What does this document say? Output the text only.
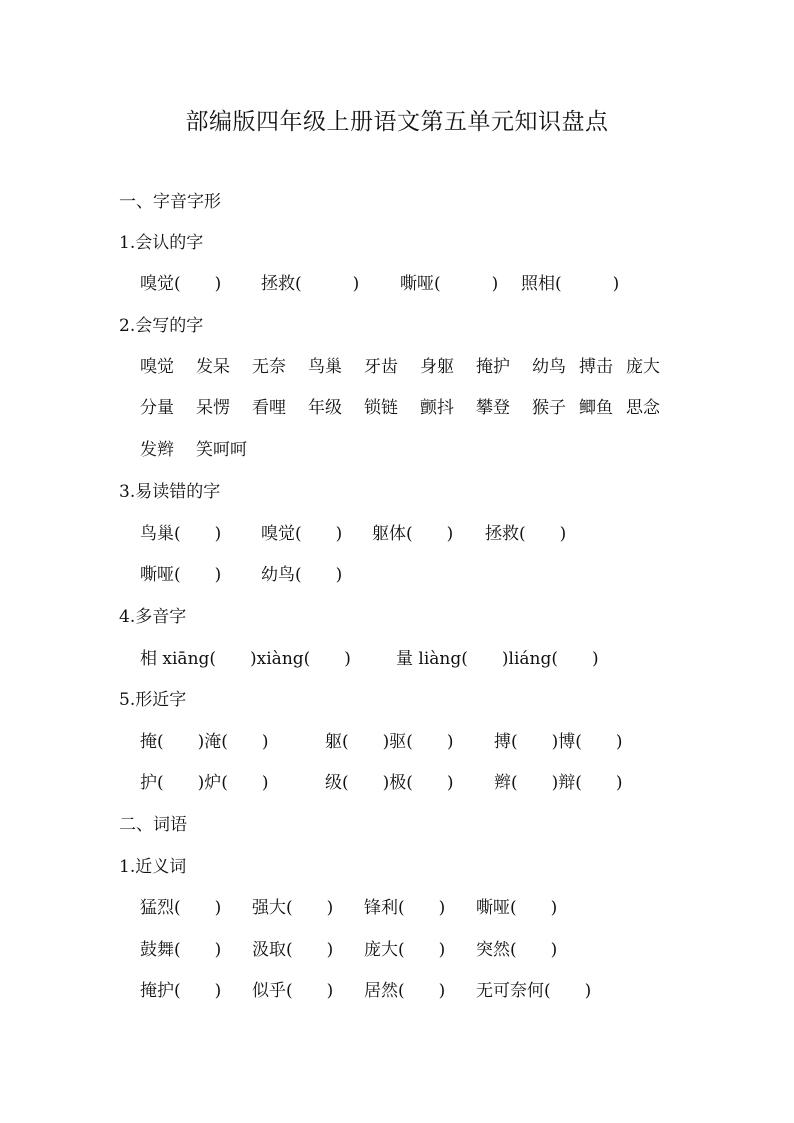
部编版四年级上册语文第五单元知识盘点
一、字音字形
1.会认的字
嗅觉(　　) 拯救(　　　) 嘶哑(　　　) 照相(　　　)
2.会写的字
嗅觉 发呆 无奈 鸟巢 牙齿 身躯 掩护 幼鸟 搏击 庞大
分量 呆愣 看哩 年级 锁链 颤抖 攀登 猴子 鲫鱼 思念
发辫 笑呵呵
3.易读错的字
鸟巢(　　) 嗅觉(　　) 躯体(　　) 拯救(　　)
嘶哑(　　) 幼鸟(　　)
4.多音字
相 xiāng(　　)xiàng(　　)	量 liàng(　　)liáng(　　)
5.形近字
掩(　　)淹(　　)	躯(　　)驱(　　) 搏(　　)博(　　)
护(　　)炉(　　)	级(　　)极(　　) 辫(　　)辩(　　)
二、词语
1.近义词
猛烈(　　) 强大(　　) 锋利(　　) 嘶哑(　　)
鼓舞(　　) 汲取(　　) 庞大(　　) 突然(　　)
掩护(　　) 似乎(　　) 居然(　　) 无可奈何(　　)
